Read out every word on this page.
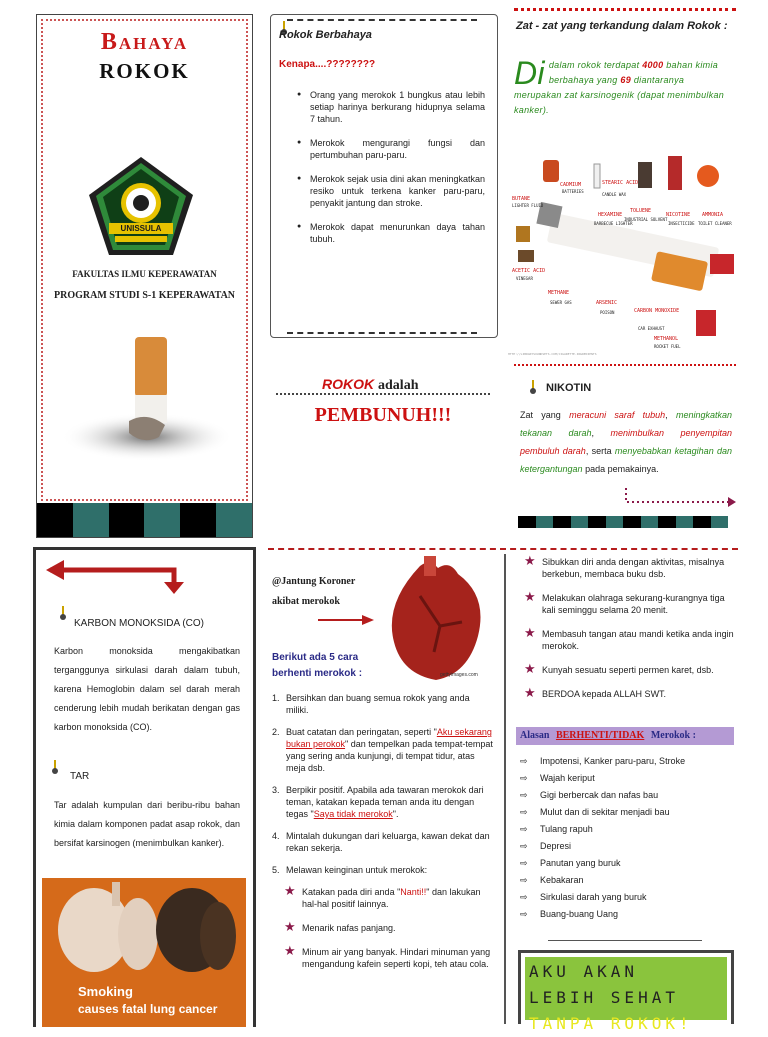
Bahaya
ROKOK
UNISSULA
FAKULTAS ILMU KEPERAWATAN
PROGRAM STUDI S-1 KEPERAWATAN
Rokok Berbahaya
Kenapa....????????
● Orang yang merokok 1 bungkus atau lebih setiap harinya berkurang hidupnya selama 7 tahun.
● Merokok mengurangi fungsi dan pertumbuhan paru-paru.
● Merokok sejak usia dini akan meningkatkan resiko untuk terkena kanker paru-paru, penyakit jantung dan stroke.
● Merokok dapat menurunkan daya tahan tubuh.
ROKOK adalah
PEMBUNUH!!!
Zat - zat yang terkandung dalam Rokok :
Di dalam rokok terdapat 4000 bahan kimia berbahaya yang 69 diantaranya merupakan zat karsinogenik (dapat menimbulkan kanker).
CADMIUM
BATTERIES
STEARIC ACID
CANDLE WAX
BUTANE
LIGHTER FLUID
TOLUENE
INDUSTRIAL SOLVENT
HEXAMINE
BARBECUE LIGHTER
NICOTINE
INSECTICIDE
AMMONIA
TOILET CLEANER
ACETIC ACID
VINEGAR
METHANE
SEWER GAS	ARSENIC
POISON	CARBON MONOXIDE
CAR EXHAUST
METHANOL
ROCKET FUEL
HTTP://LIBRARYSOUNDSETS.COM/CIGARETTE-INGREDIENTS
NIKOTIN
Zat yang meracuni saraf tubuh, meningkatkan tekanan darah, menimbulkan penyempitan pembuluh darah, serta menyebabkan ketagihan dan ketergantungan pada pemakainya.
KARBON MONOKSIDA (CO)
Karbon monoksida mengakibatkan terganggunya sirkulasi darah dalam tubuh, karena Hemoglobin dalam sel darah merah cenderung lebih mudah berikatan dengan gas karbon monoksida (CO).
TAR
Tar adalah kumpulan dari beribu-ribu bahan kimia dalam komponen padat asap rokok, dan bersifat karsinogen (menimbulkan kanker).
Smoking
causes fatal lung cancer
@Jantung Koroner akibat merokok
gettyimages.com
Berikut ada 5 cara berhenti merokok :
1. Bersihkan dan buang semua rokok yang anda miliki.
2. Buat catatan dan peringatan, seperti "Aku sekarang bukan perokok" dan tempelkan pada tempat-tempat yang sering anda kunjungi, di tempat tidur, atas meja dsb.
3. Berpikir positif. Apabila ada tawaran merokok dari teman, katakan kepada teman anda itu dengan tegas "Saya tidak merokok".
4. Mintalah dukungan dari keluarga, kawan dekat dan rekan sekerja.
5. Melawan keinginan untuk merokok:
★ Katakan pada diri anda "Nanti!!" dan lakukan hal-hal positif lainnya.
★ Menarik nafas panjang.
★ Minum air yang banyak. Hindari minuman yang mengandung kafein seperti kopi, teh atau cola.
★ Sibukkan diri anda dengan aktivitas, misalnya berkebun, membaca buku dsb.
★ Melakukan olahraga sekurang-kurangnya tiga kali seminggu selama 20 menit.
★ Membasuh tangan atau mandi ketika anda ingin merokok.
★ Kunyah sesuatu seperti permen karet, dsb.
★ BERDOA kepada ALLAH SWT.
Alasan BERHENTI/TIDAK Merokok :
⇨ Impotensi, Kanker paru-paru, Stroke
⇨ Wajah keriput
⇨ Gigi berbercak dan nafas bau
⇨ Mulut dan di sekitar menjadi bau
⇨ Tulang rapuh
⇨ Depresi
⇨ Panutan yang buruk
⇨ Kebakaran
⇨ Sirkulasi darah yang buruk
⇨ Buang-buang Uang
AKU AKAN
LEBIH SEHAT
TANPA ROKOK!
